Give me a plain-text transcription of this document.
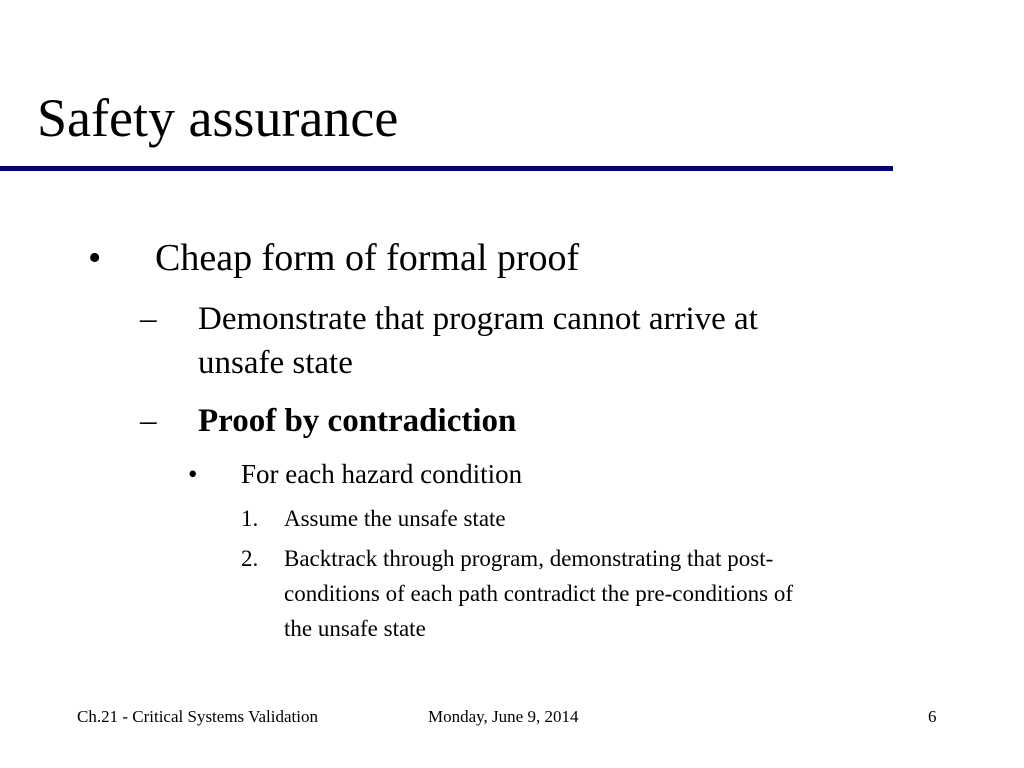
Safety assurance
• Cheap form of formal proof
– Demonstrate that program cannot arrive at
unsafe state
– Proof by contradiction
• For each hazard condition
1. Assume the unsafe state
2. Backtrack through program, demonstrating that post-
conditions of each path contradict the pre-conditions of
the unsafe state
Ch.21 - Critical Systems Validation	Monday, June 9, 2014	6
